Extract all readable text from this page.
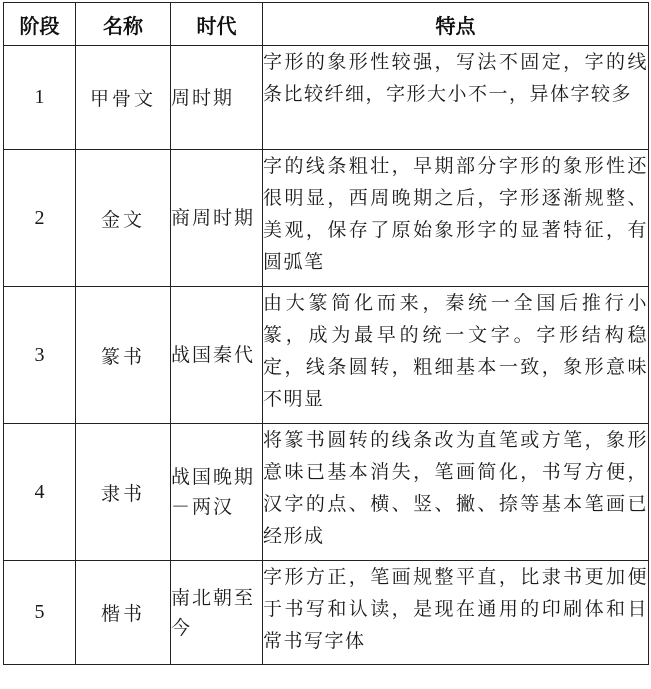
阶段	名称	时代	特点
1	甲骨文	周时期	字形的象形性较强，写法不固定，字的线条比较纤细，字形大小不一，异体字较多
2	金文	商周时期	字的线条粗壮，早期部分字形的象形性还很明显，西周晚期之后，字形逐渐规整、美观，保存了原始象形字的显著特征，有圆弧笔
3	篆书	战国秦代	由大篆简化而来，秦统一全国后推行小篆，成为最早的统一文字。字形结构稳定，线条圆转，粗细基本一致，象形意味不明显
4	隶书	战国晚期－两汉	将篆书圆转的线条改为直笔或方笔，象形意味已基本消失，笔画简化，书写方便，汉字的点、横、竖、撇、捺等基本笔画已经形成
5	楷书	南北朝至今	字形方正，笔画规整平直，比隶书更加便于书写和认读，是现在通用的印刷体和日常书写字体
